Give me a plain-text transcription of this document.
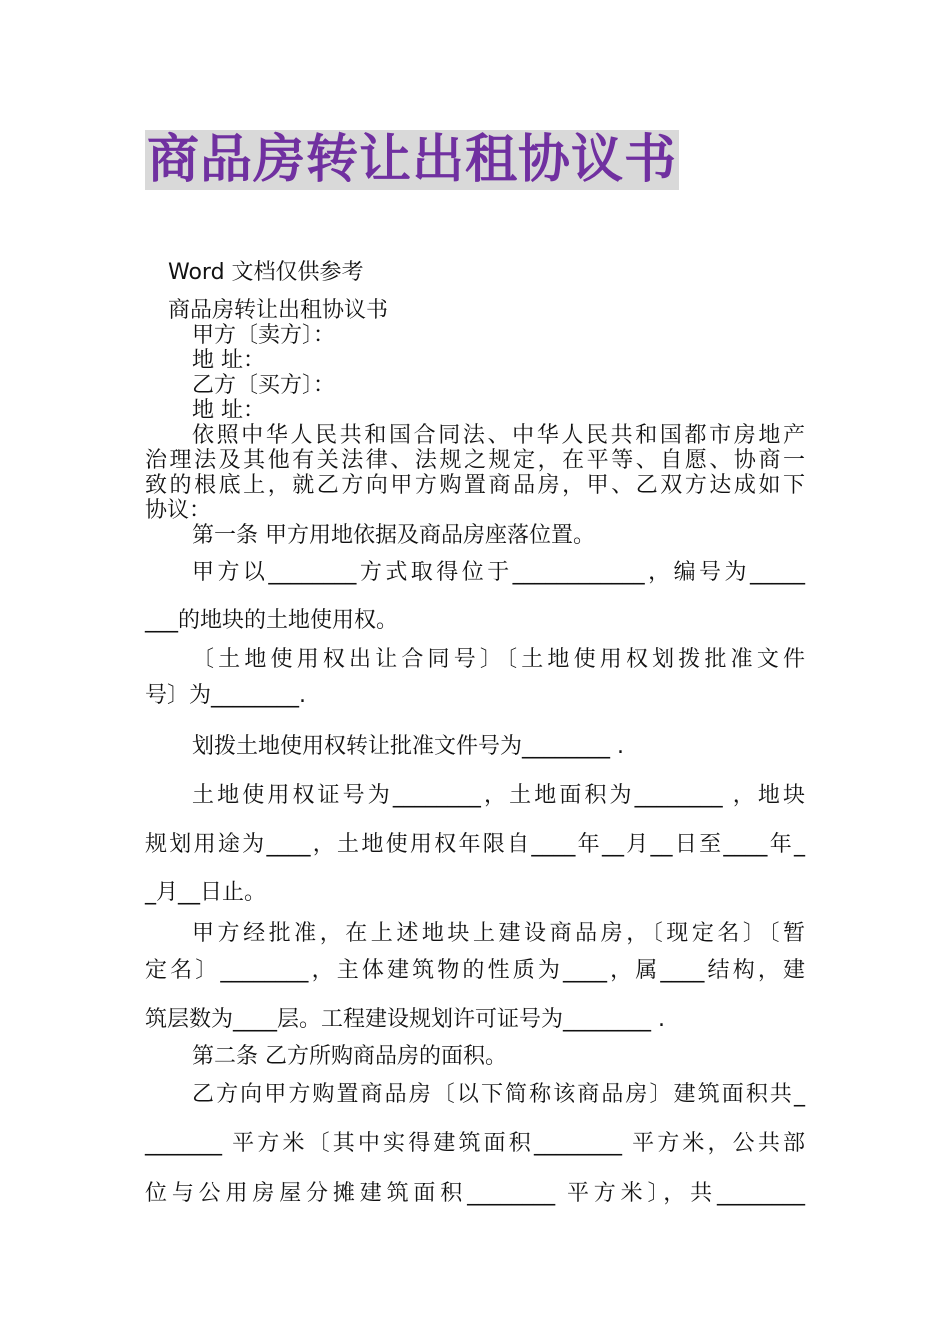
商品房转让出租协议书
Word 文档仅供参考
商品房转让出租协议书
甲方〔卖方〕：
地 址：
乙方〔买方〕：
地 址：
依照中华人民共和国合同法、中华人民共和国都市房地产
治理法及其他有关法律、法规之规定，在平等、自愿、协商一
致的根底上，就乙方向甲方购置商品房，甲、乙双方达成如下
协议：
第一条 甲方用地依据及商品房座落位置。
甲方以________方式取得位于____________，编号为_____
___的地块的土地使用权。
〔土地使用权出让合同号〕〔土地使用权划拨批准文件
号〕为________.
划拨土地使用权转让批准文件号为________ .
土地使用权证号为________，土地面积为________ ，地块
规划用途为____，土地使用权年限自____年__月__日至____年_
_月__日止。
甲方经批准，在上述地块上建设商品房，〔现定名〕〔暂
定名〕________，主体建筑物的性质为____，属____结构，建
筑层数为____层。工程建设规划许可证号为________ .
第二条 乙方所购商品房的面积。
乙方向甲方购置商品房〔以下简称该商品房〕建筑面积共_
_______ 平方米〔其中实得建筑面积________ 平方米，公共部
位与公用房屋分摊建筑面积________ 平方米〕，共________
